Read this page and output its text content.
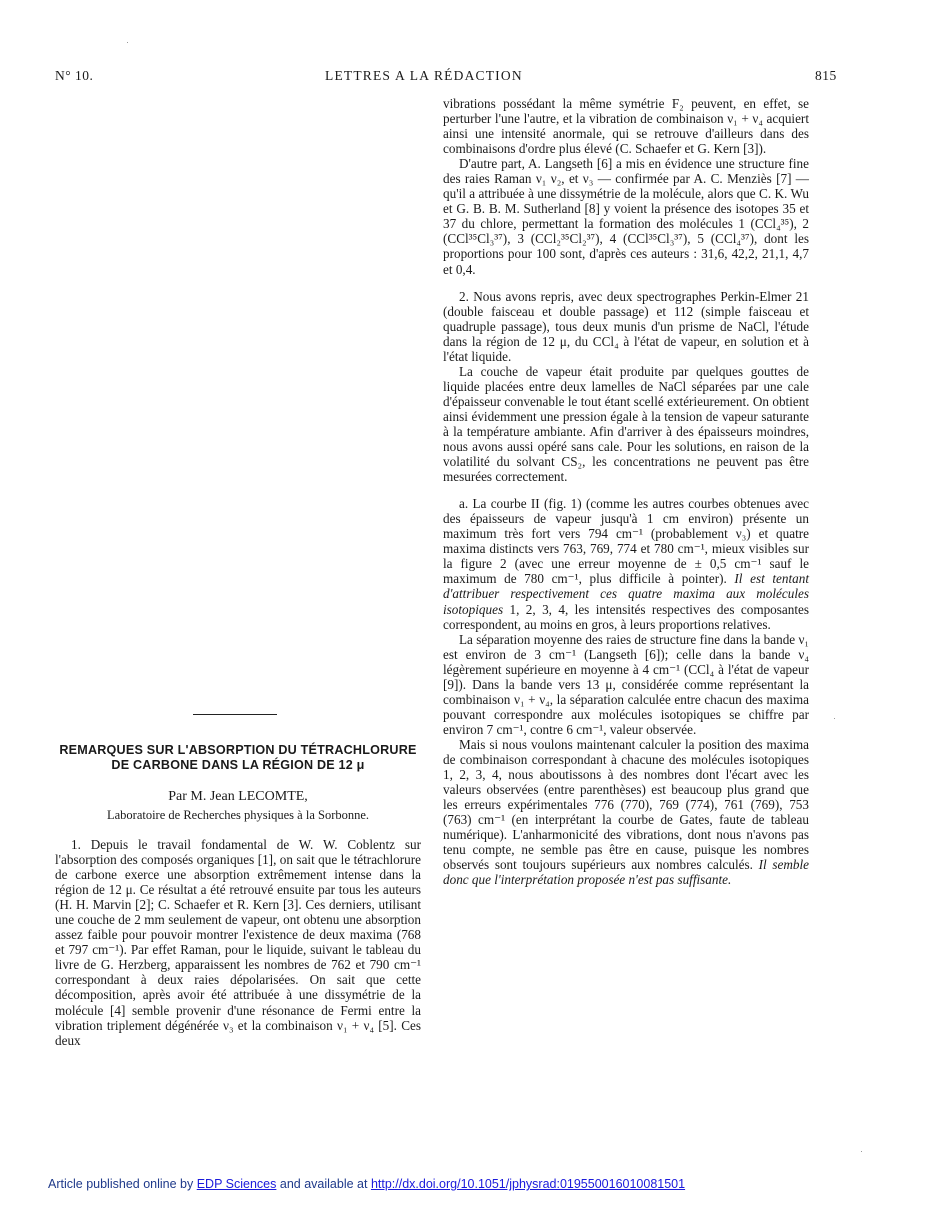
N° 10.	LETTRES A LA RÉDACTION	815

vibrations possédant la même symétrie F₂ peuvent, en effet, se perturber l'une l'autre, et la vibration de combinaison ν₁ + ν₄ acquiert ainsi une intensité anormale, qui se retrouve d'ailleurs dans des combinaisons d'ordre plus élevé (C. Schaefer et G. Kern [3]).

D'autre part, A. Langseth [6] a mis en évidence une structure fine des raies Raman ν₁ ν₂, et ν₃ — confirmée par A. C. Menziès [7] — qu'il a attribuée à une dissymétrie de la molécule, alors que C. K. Wu et G. B. B. M. Sutherland [8] y voient la présence des isotopes 35 et 37 du chlore, permettant la formation des molécules 1 (CCl₄³⁵), 2 (CCl³⁵Cl₃³⁷), 3 (CCl₂³⁵Cl₂³⁷), 4 (CCl³⁵Cl₃³⁷), 5 (CCl₄³⁷), dont les proportions pour 100 sont, d'après ces auteurs : 31,6, 42,2, 21,1, 4,7 et 0,4.

2. Nous avons repris, avec deux spectrographes Perkin-Elmer 21 (double faisceau et double passage) et 112 (simple faisceau et quadruple passage), tous deux munis d'un prisme de NaCl, l'étude dans la région de 12 μ, du CCl₄ à l'état de vapeur, en solution et à l'état liquide.

La couche de vapeur était produite par quelques gouttes de liquide placées entre deux lamelles de NaCl séparées par une cale d'épaisseur convenable le tout étant scellé extérieurement. On obtient ainsi évidemment une pression égale à la tension de vapeur saturante à la température ambiante. Afin d'arriver à des épaisseurs moindres, nous avons aussi opéré sans cale. Pour les solutions, en raison de la volatilité du solvant CS₂, les concentrations ne peuvent pas être mesurées correctement.

a. La courbe II (fig. 1) (comme les autres courbes obtenues avec des épaisseurs de vapeur jusqu'à 1 cm environ) présente un maximum très fort vers 794 cm⁻¹ (probablement ν₃) et quatre maxima distincts vers 763, 769, 774 et 780 cm⁻¹, mieux visibles sur la figure 2 (avec une erreur moyenne de ± 0,5 cm⁻¹ sauf le maximum de 780 cm⁻¹, plus difficile à pointer). Il est tentant d'attribuer respectivement ces quatre maxima aux molécules isotopiques 1, 2, 3, 4, les intensités respectives des composantes correspondent, au moins en gros, à leurs proportions relatives.

La séparation moyenne des raies de structure fine dans la bande ν₁ est environ de 3 cm⁻¹ (Langseth [6]); celle dans la bande ν₄ légèrement supérieure en moyenne à 4 cm⁻¹ (CCl₄ à l'état de vapeur [9]). Dans la bande vers 13 μ, considérée comme représentant la combinaison ν₁ + ν₄, la séparation calculée entre chacun des maxima pouvant correspondre aux molécules isotopiques se chiffre par environ 7 cm⁻¹, contre 6 cm⁻¹, valeur observée.

Mais si nous voulons maintenant calculer la position des maxima de combinaison correspondant à chacune des molécules isotopiques 1, 2, 3, 4, nous aboutissons à des nombres dont l'écart avec les valeurs observées (entre parenthèses) est beaucoup plus grand que les erreurs expérimentales 776 (770), 769 (774), 761 (769), 753 (763) cm⁻¹ (en interprétant la courbe de Gates, faute de tableau numérique). L'anharmonicité des vibrations, dont nous n'avons pas tenu compte, ne semble pas être en cause, puisque les nombres observés sont toujours supérieurs aux nombres calculés. Il semble donc que l'interprétation proposée n'est pas suffisante.

REMARQUES SUR L'ABSORPTION DU TÉTRACHLORURE
DE CARBONE DANS LA RÉGION DE 12 μ
Par M. Jean LECOMTE,
Laboratoire de Recherches physiques à la Sorbonne.

1. Depuis le travail fondamental de W. W. Coblentz sur l'absorption des composés organiques [1], on sait que le tétrachlorure de carbone exerce une absorption extrêmement intense dans la région de 12 μ. Ce résultat a été retrouvé ensuite par tous les auteurs (H. H. Marvin [2]; C. Schaefer et R. Kern [3]. Ces derniers, utilisant une couche de 2 mm seulement de vapeur, ont obtenu une absorption assez faible pour pouvoir montrer l'existence de deux maxima (768 et 797 cm⁻¹). Par effet Raman, pour le liquide, suivant le tableau du livre de G. Herzberg, apparaissent les nombres de 762 et 790 cm⁻¹ correspondant à deux raies dépolarisées. On sait que cette décomposition, après avoir été attribuée à une dissymétrie de la molécule [4] semble provenir d'une résonance de Fermi entre la vibration triplement dégénérée ν₃ et la combinaison ν₁ + ν₄ [5]. Ces deux

Article published online by EDP Sciences and available at http://dx.doi.org/10.1051/jphysrad:019550016010081501
